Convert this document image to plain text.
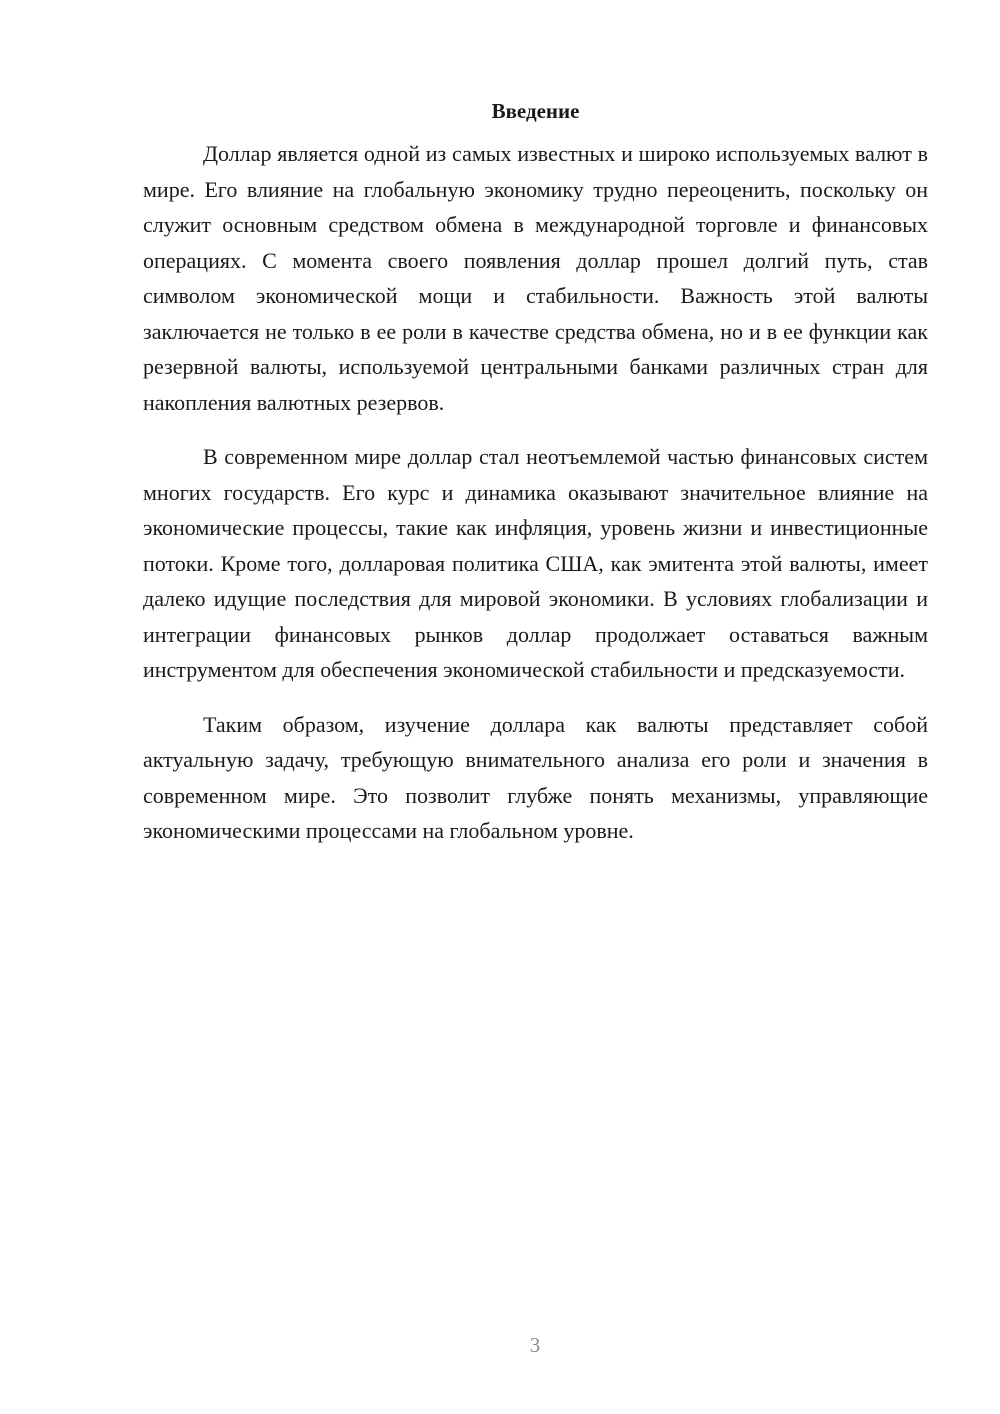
Введение

Доллар является одной из самых известных и широко используемых валют в мире. Его влияние на глобальную экономику трудно переоценить, поскольку он служит основным средством обмена в международной торговле и финансовых операциях. С момента своего появления доллар прошел долгий путь, став символом экономической мощи и стабильности. Важность этой валюты заключается не только в ее роли в качестве средства обмена, но и в ее функции как резервной валюты, используемой центральными банками различных стран для накопления валютных резервов.

В современном мире доллар стал неотъемлемой частью финансовых систем многих государств. Его курс и динамика оказывают значительное влияние на экономические процессы, такие как инфляция, уровень жизни и инвестиционные потоки. Кроме того, долларовая политика США, как эмитента этой валюты, имеет далеко идущие последствия для мировой экономики. В условиях глобализации и интеграции финансовых рынков доллар продолжает оставаться важным инструментом для обеспечения экономической стабильности и предсказуемости.

Таким образом, изучение доллара как валюты представляет собой актуальную задачу, требующую внимательного анализа его роли и значения в современном мире. Это позволит глубже понять механизмы, управляющие экономическими процессами на глобальном уровне.

3
